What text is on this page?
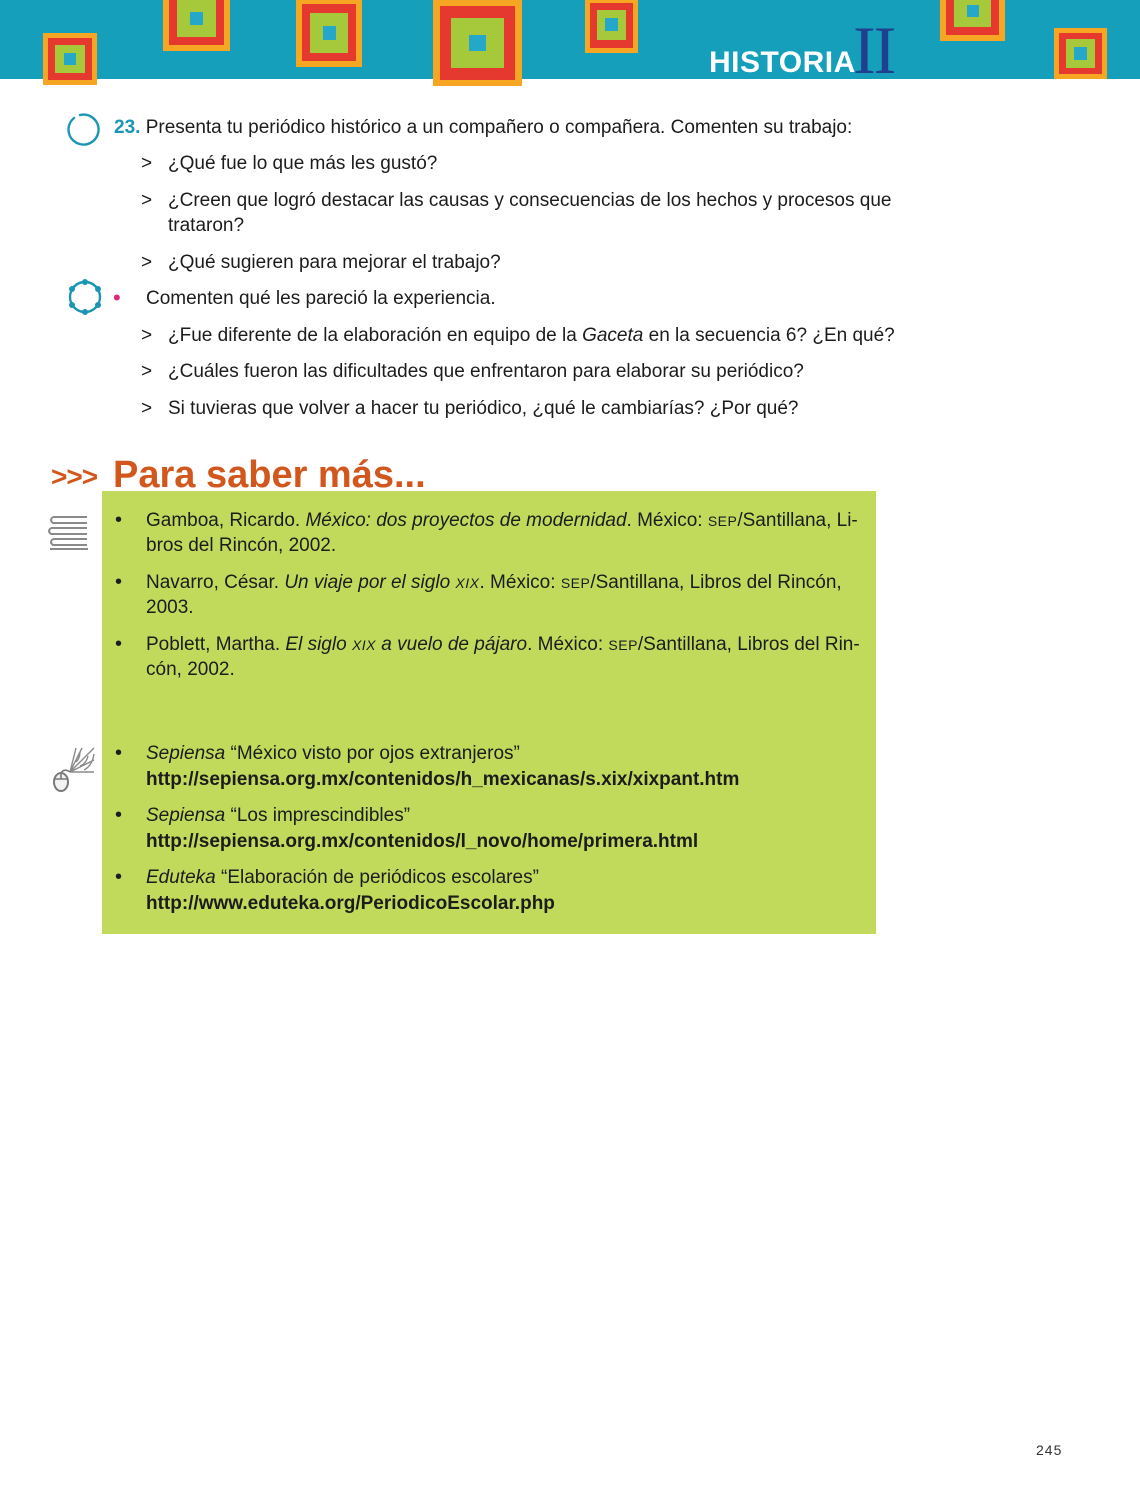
HISTORIA
II
23. Presenta tu periódico histórico a un compañero o compañera. Comenten su trabajo:
> ¿Qué fue lo que más les gustó?
> ¿Creen que logró destacar las causas y consecuencias de los hechos y procesos que
trataron?
> ¿Qué sugieren para mejorar el trabajo?
• Comenten qué les pareció la experiencia.
> ¿Fue diferente de la elaboración en equipo de la Gaceta en la secuencia 6? ¿En qué?
> ¿Cuáles fueron las dificultades que enfrentaron para elaborar su periódico?
> Si tuvieras que volver a hacer tu periódico, ¿qué le cambiarías? ¿Por qué?
>>> Para saber más...
• Gamboa, Ricardo. México: dos proyectos de modernidad. México: SEP/Santillana, Li-
bros del Rincón, 2002.
• Navarro, César. Un viaje por el siglo XIX. México: SEP/Santillana, Libros del Rincón,
2003.
• Poblett, Martha. El siglo XIX a vuelo de pájaro. México: SEP/Santillana, Libros del Rin-
cón, 2002.
• Sepiensa “México visto por ojos extranjeros”
http://sepiensa.org.mx/contenidos/h_mexicanas/s.xix/xixpant.htm
• Sepiensa “Los imprescindibles”
http://sepiensa.org.mx/contenidos/l_novo/home/primera.html
• Eduteka “Elaboración de periódicos escolares”
http://www.eduteka.org/PeriodicoEscolar.php
245
